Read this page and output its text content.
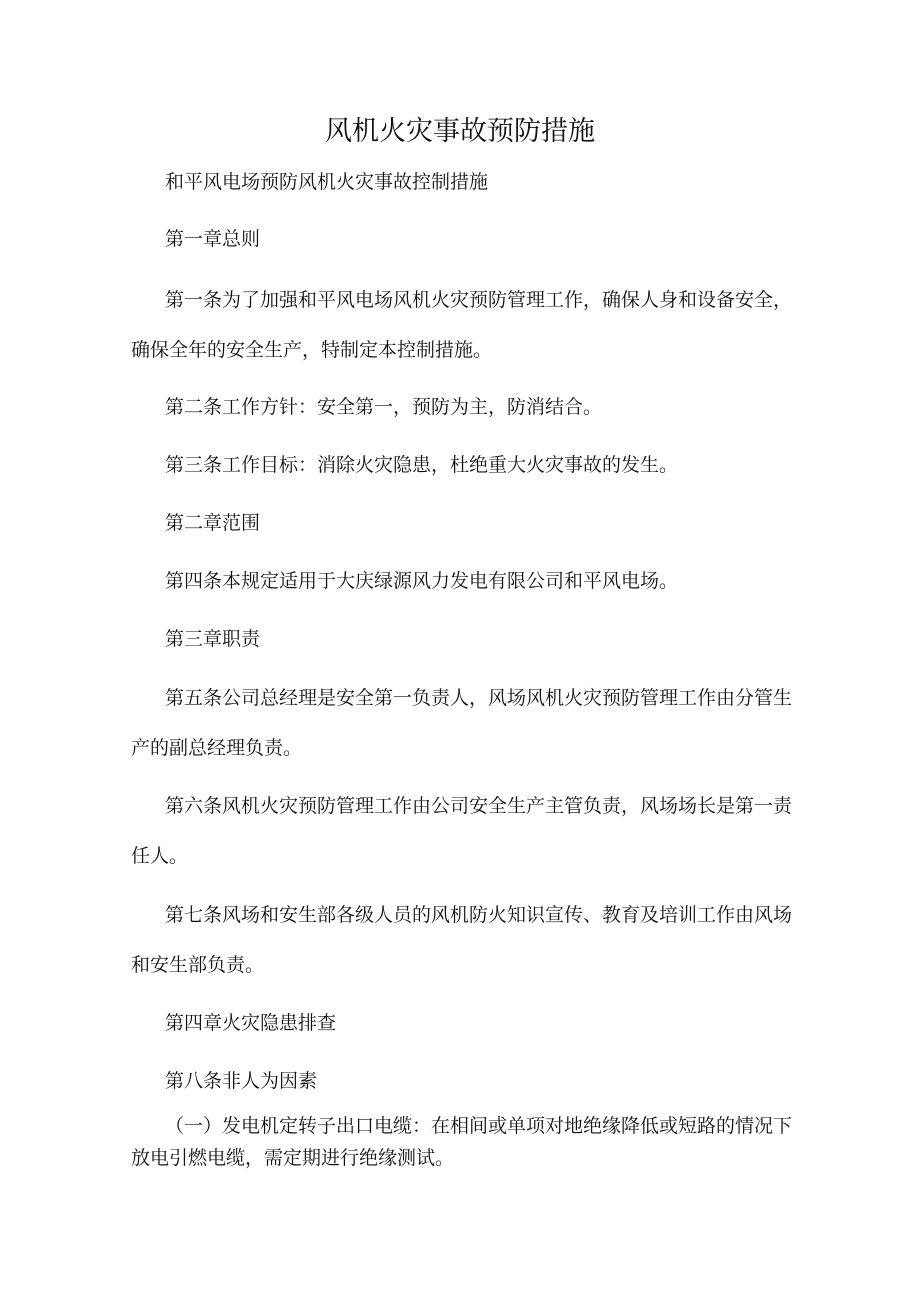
风机火灾事故预防措施

和平风电场预防风机火灾事故控制措施

第一章总则

第一条为了加强和平风电场风机火灾预防管理工作，确保人身和设备安全，确保全年的安全生产，特制定本控制措施。

第二条工作方针：安全第一，预防为主，防消结合。

第三条工作目标：消除火灾隐患，杜绝重大火灾事故的发生。

第二章范围

第四条本规定适用于大庆绿源风力发电有限公司和平风电场。

第三章职责

第五条公司总经理是安全第一负责人，风场风机火灾预防管理工作由分管生产的副总经理负责。

第六条风机火灾预防管理工作由公司安全生产主管负责，风场场长是第一责任人。

第七条风场和安生部各级人员的风机防火知识宣传、教育及培训工作由风场和安生部负责。

第四章火灾隐患排查

第八条非人为因素

（一）发电机定转子出口电缆：在相间或单项对地绝缘降低或短路的情况下放电引燃电缆，需定期进行绝缘测试。
